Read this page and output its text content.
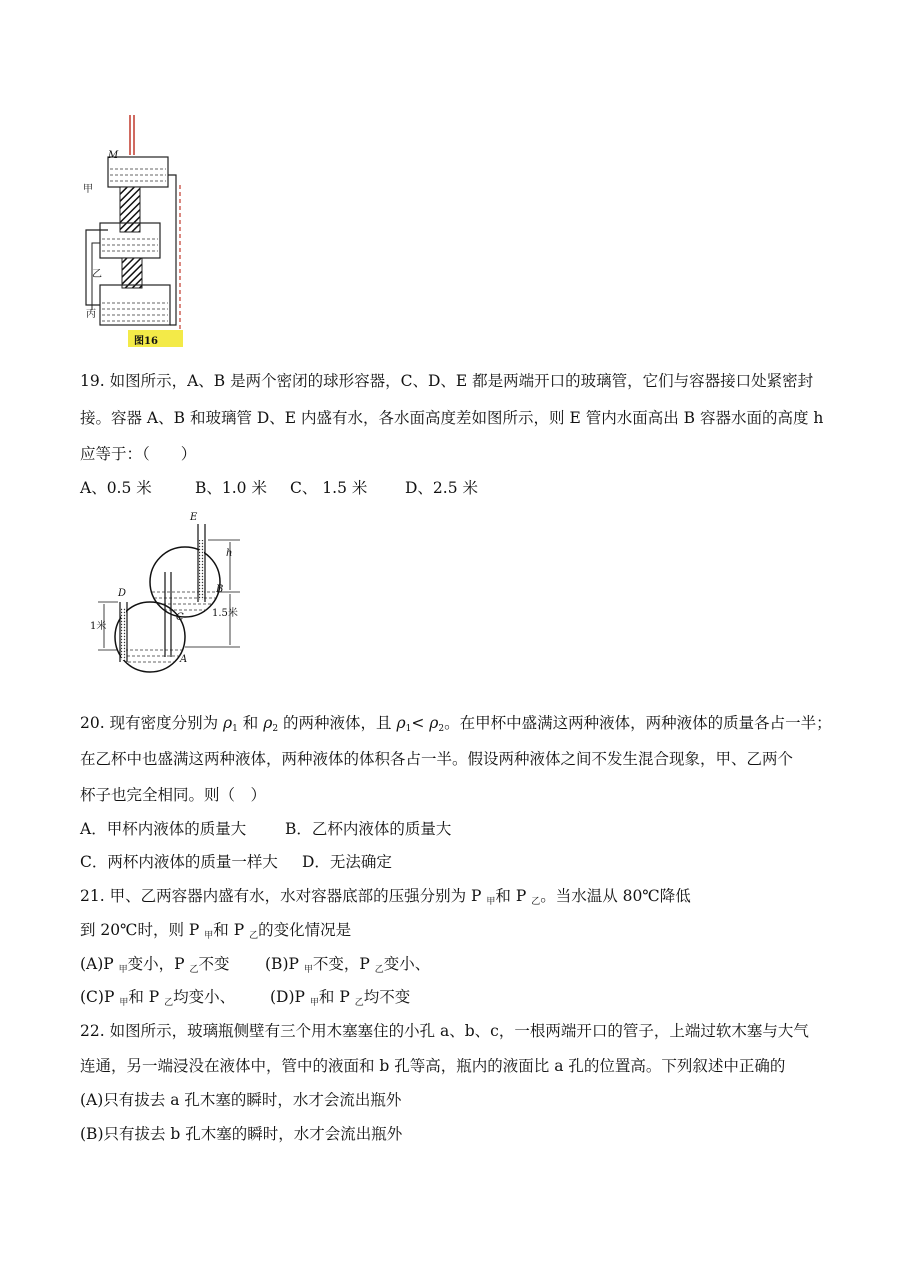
M
甲
乙
丙
图16
19. 如图所示，A、B 是两个密闭的球形容器，C、D、E 都是两端开口的玻璃管，它们与容器接口处紧密封
接。容器 A、B 和玻璃管 D、E 内盛有水，各水面高度差如图所示，则 E 管内水面高出 B 容器水面的高度 h
应等于：（　　）
A、0.5 米	B、1.0 米 C、 1.5 米 D、2.5 米
E
h
B
1.5米
D
1米
C
A
20. 现有密度分别为 $\rho_1$ 和 $\rho_2$ 的两种液体，且 $\rho_1< \rho_2$。在甲杯中盛满这两种液体，两种液体的质量各占一半；
在乙杯中也盛满这两种液体，两种液体的体积各占一半。假设两种液体之间不发生混合现象，甲、乙两个
杯子也完全相同。则（　）
A．甲杯内液体的质量大	B．乙杯内液体的质量大
C．两杯内液体的质量一样大 D．无法确定
21. 甲、乙两容器内盛有水，水对容器底部的压强分别为 P $_甲$和 P $_乙$。当水温从 80℃降低
到 20℃时，则 P $_甲$和 P $_乙$的变化情况是
(A)P $_甲$变小，P $_乙$不变 (B)P $_甲$不变，P $_乙$变小、
(C)P $_甲$和 P $_乙$均变小、 (D)P $_甲$和 P $_乙$均不变
22. 如图所示，玻璃瓶侧壁有三个用木塞塞住的小孔 a、b、c，一根两端开口的管子，上端过软木塞与大气
连通，另一端浸没在液体中，管中的液面和 b 孔等高，瓶内的液面比 a 孔的位置高。下列叙述中正确的
(A)只有拔去 a 孔木塞的瞬时，水才会流出瓶外
(B)只有拔去 b 孔木塞的瞬时，水才会流出瓶外
